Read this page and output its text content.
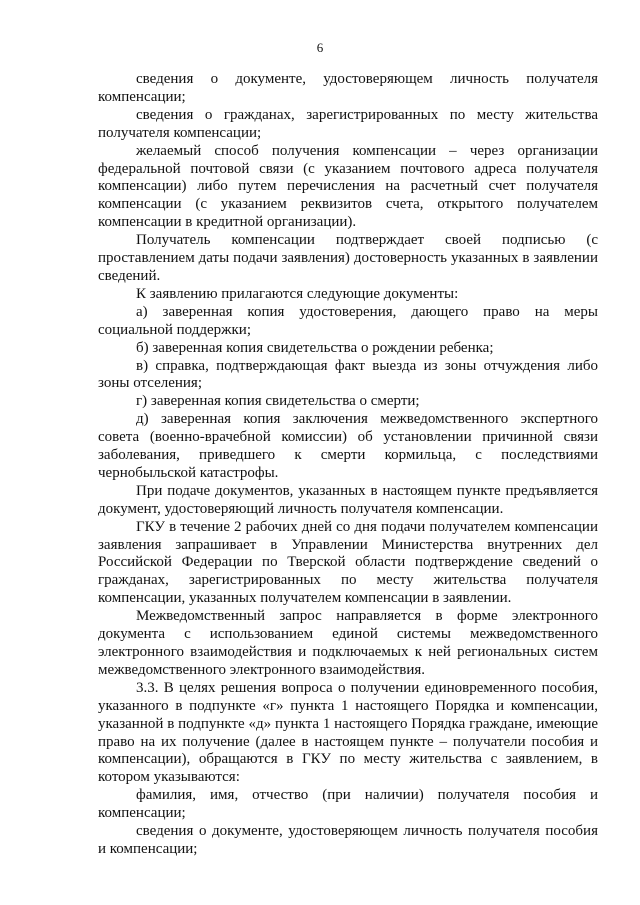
6

сведения о документе, удостоверяющем личность получателя компенсации;

сведения о гражданах, зарегистрированных по месту жительства получателя компенсации;

желаемый способ получения компенсации – через организации федеральной почтовой связи (с указанием почтового адреса получателя компенсации) либо путем перечисления на расчетный счет получателя компенсации (с указанием реквизитов счета, открытого получателем компенсации в кредитной организации).

Получатель компенсации подтверждает своей подписью (с проставлением даты подачи заявления) достоверность указанных в заявлении сведений.

К заявлению прилагаются следующие документы:

а) заверенная копия удостоверения, дающего право на меры социальной поддержки;

б) заверенная копия свидетельства о рождении ребенка;

в) справка, подтверждающая факт выезда из зоны отчуждения либо зоны отселения;

г) заверенная копия свидетельства о смерти;

д) заверенная копия заключения межведомственного экспертного совета (военно-врачебной комиссии) об установлении причинной связи заболевания, приведшего к смерти кормильца, с последствиями чернобыльской катастрофы.

При подаче документов, указанных в настоящем пункте предъявляется документ, удостоверяющий личность получателя компенсации.

ГКУ в течение 2 рабочих дней со дня подачи получателем компенсации заявления запрашивает в Управлении Министерства внутренних дел Российской Федерации по Тверской области подтверждение сведений о гражданах, зарегистрированных по месту жительства получателя компенсации, указанных получателем компенсации в заявлении.

Межведомственный запрос направляется в форме электронного документа с использованием единой системы межведомственного электронного взаимодействия и подключаемых к ней региональных систем межведомственного электронного взаимодействия.

3.3. В целях решения вопроса о получении единовременного пособия, указанного в подпункте «г» пункта 1 настоящего Порядка и компенсации, указанной в подпункте «д» пункта 1 настоящего Порядка граждане, имеющие право на их получение (далее в настоящем пункте – получатели пособия и компенсации), обращаются в ГКУ по месту жительства с заявлением, в котором указываются:

фамилия, имя, отчество (при наличии) получателя пособия и компенсации;

сведения о документе, удостоверяющем личность получателя пособия и компенсации;
